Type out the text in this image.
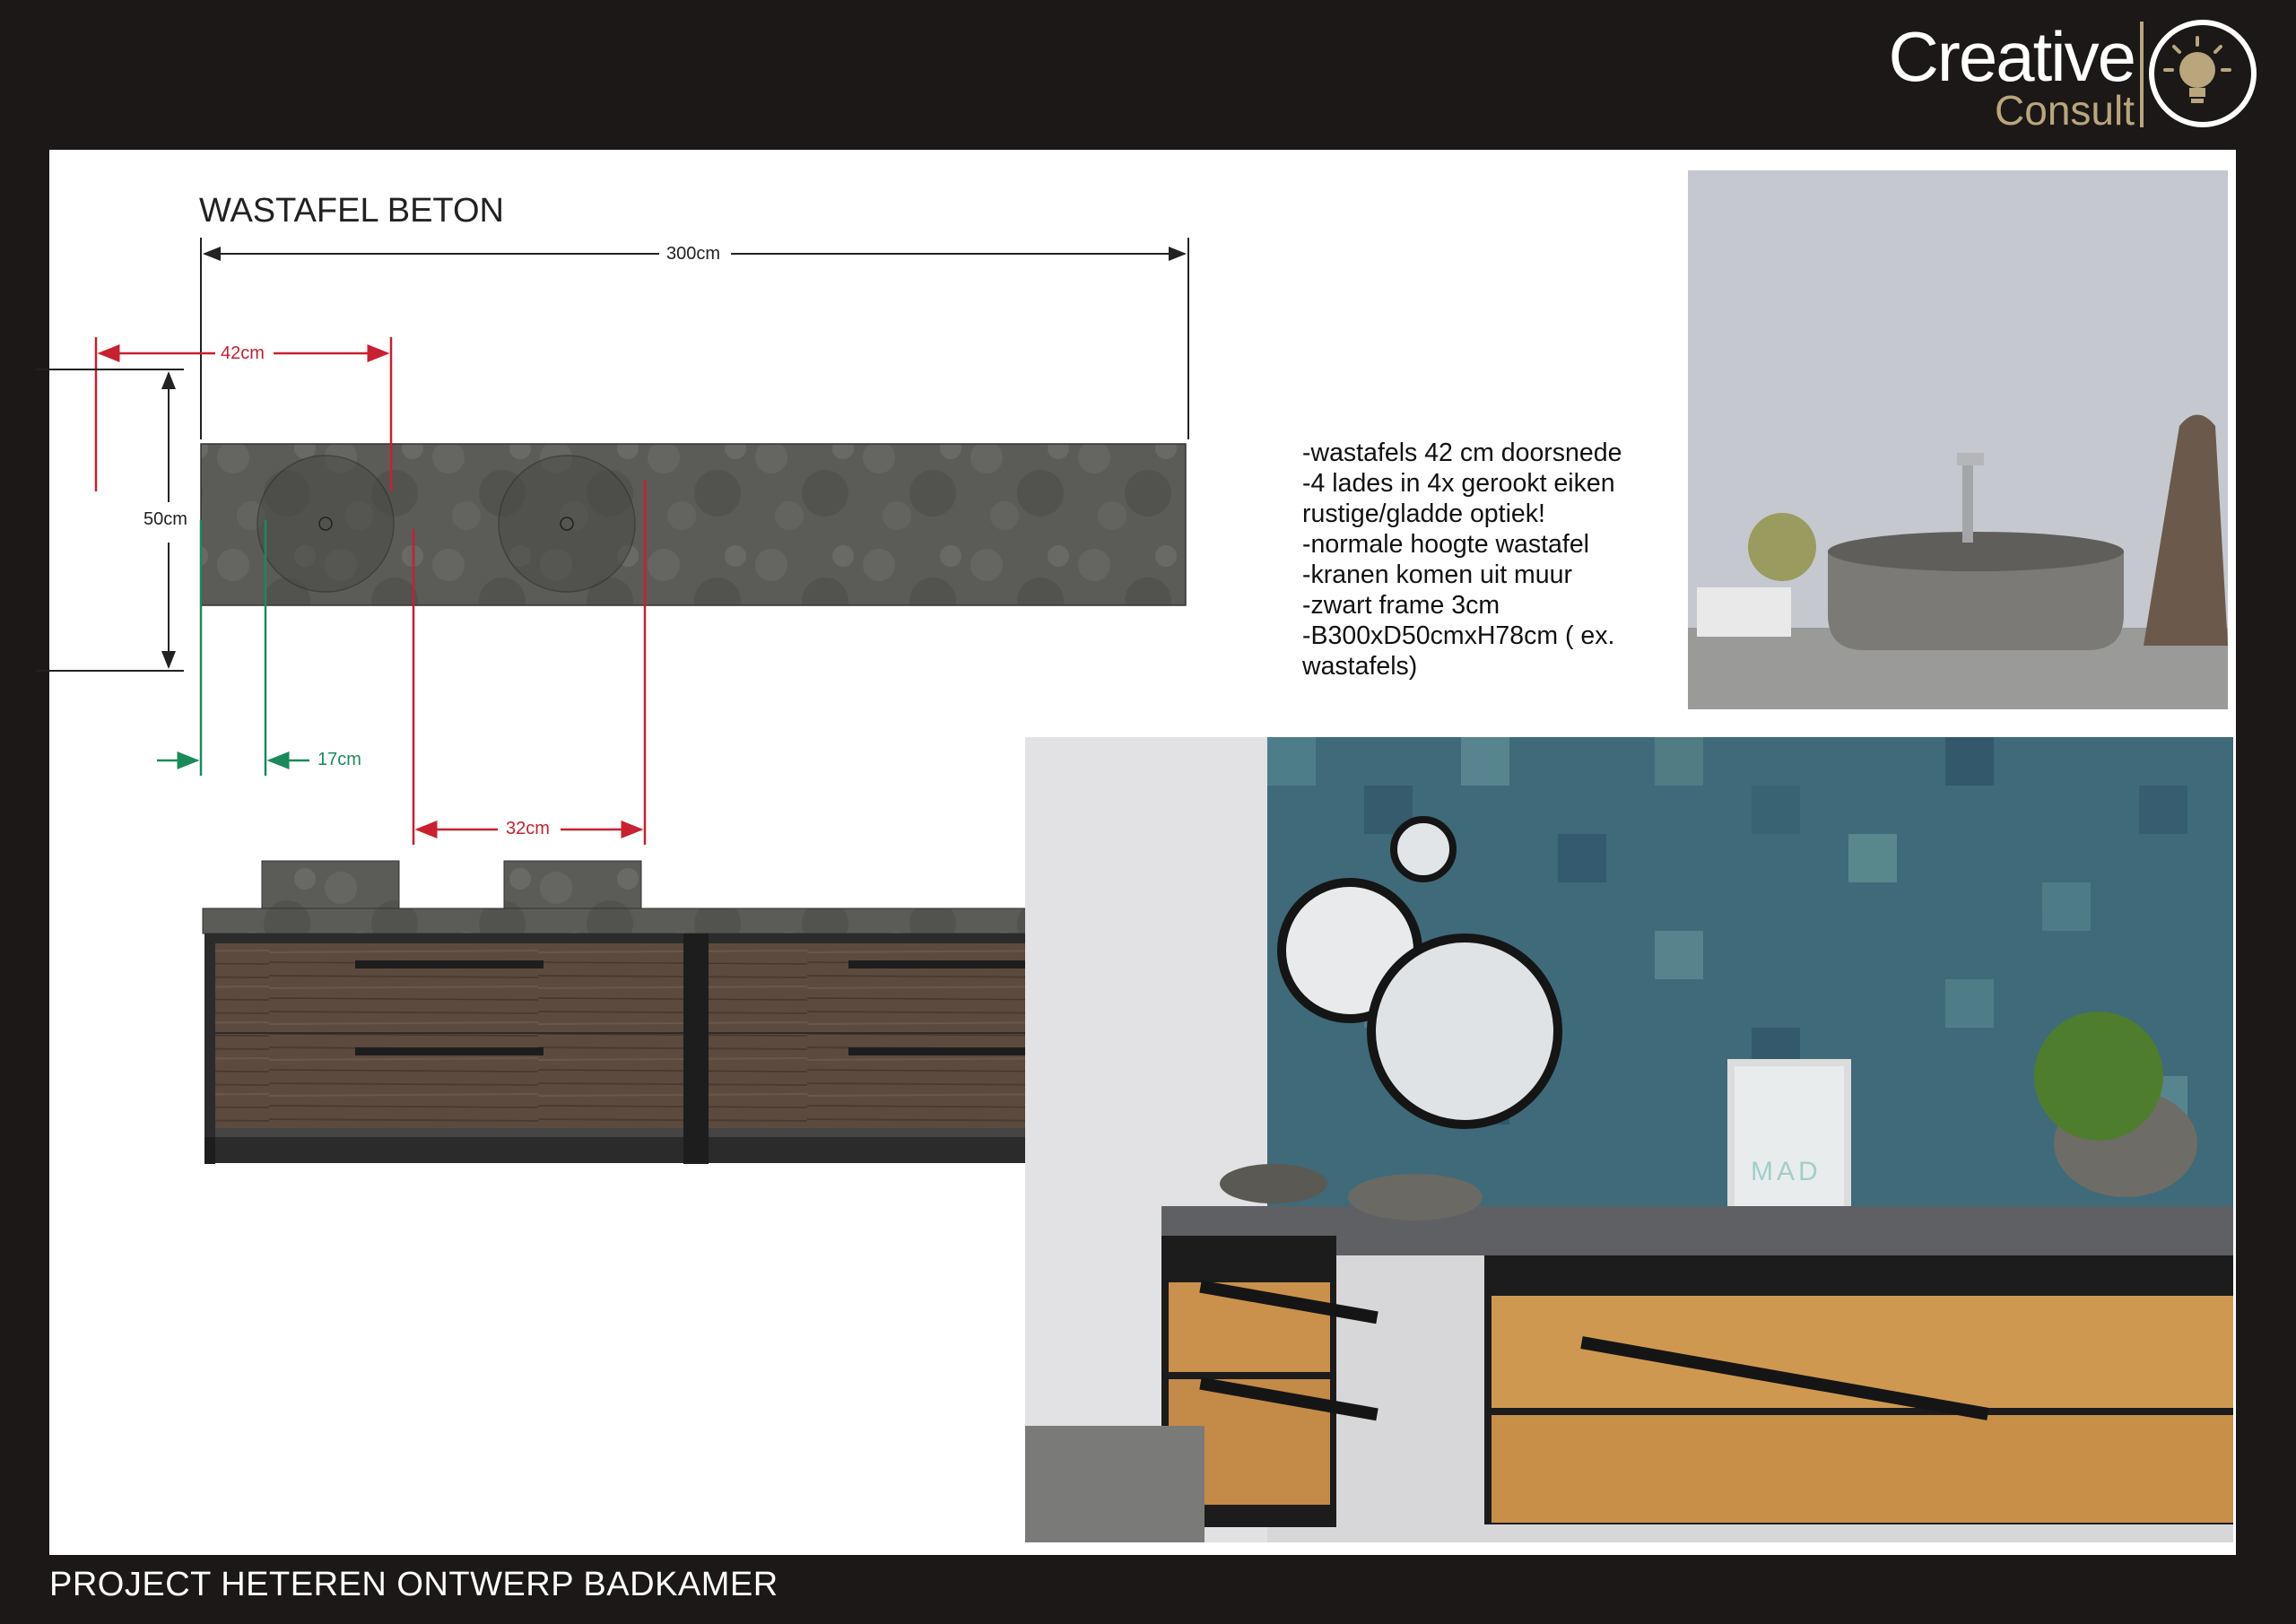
Creative
Consult
WASTAFEL BETON
300cm
42cm
50cm
17cm
32cm
-wastafels 42 cm doorsnede
-4 lades in 4x gerookt eiken
rustige/gladde optiek!
-normale hoogte wastafel
-kranen komen uit muur
-zwart frame 3cm
-B300xD50cmxH78cm ( ex.
wastafels)
MAD
PROJECT HETEREN ONTWERP BADKAMER
